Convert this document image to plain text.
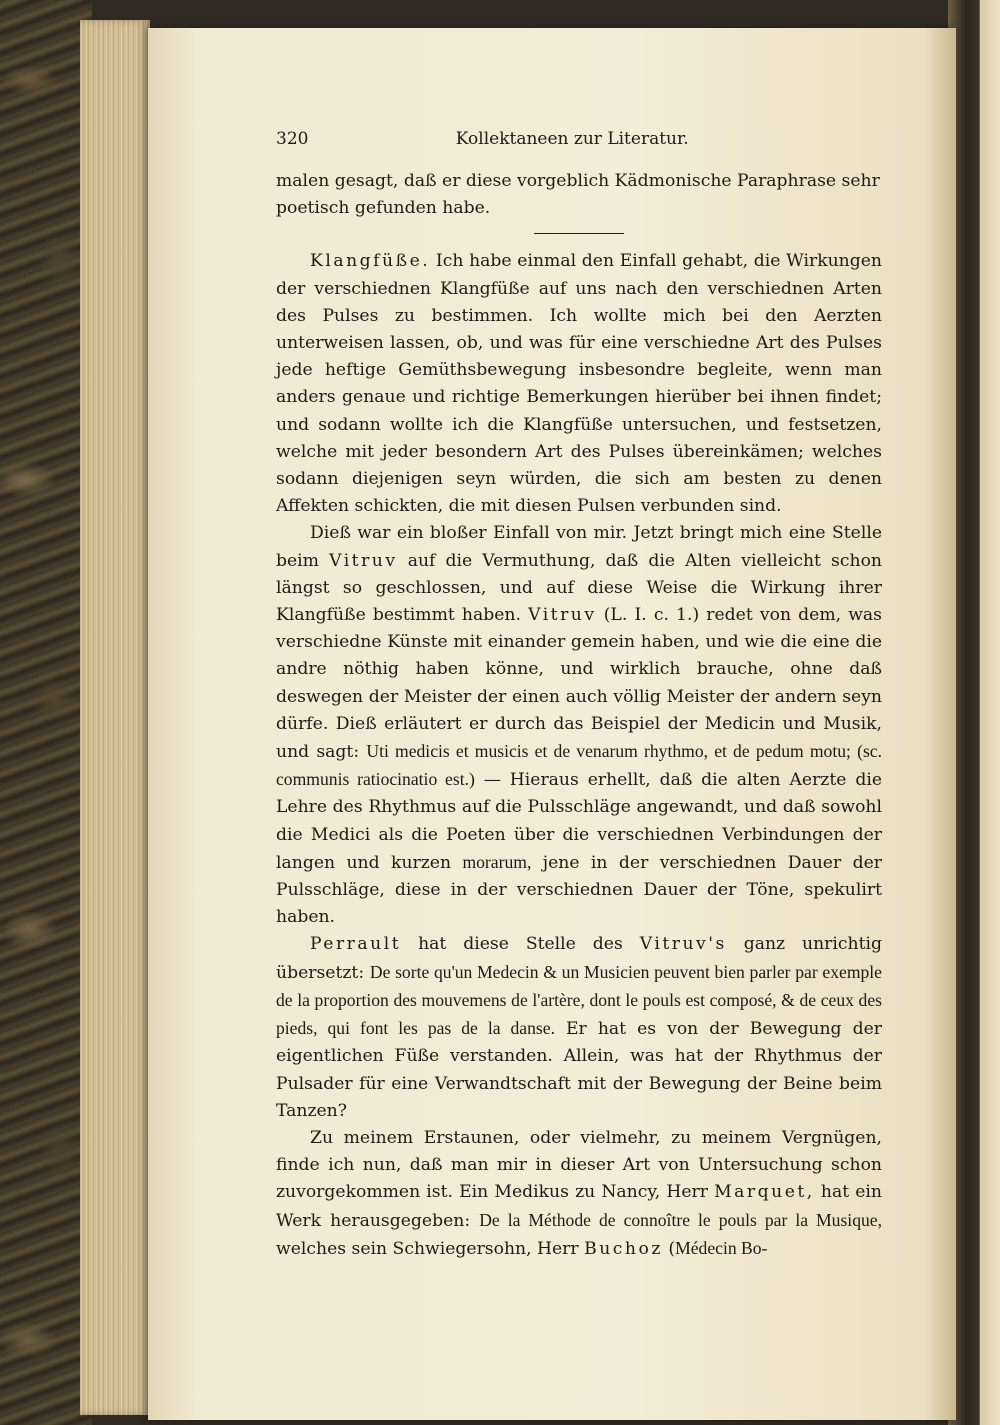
320	Kollektaneen zur Literatur.

malen gesagt, daß er diese vorgeblich Kädmonische Paraphrase sehr poetisch gefunden habe.

Klangfüße. Ich habe einmal den Einfall gehabt, die Wirkungen der verschiednen Klangfüße auf uns nach den verschiednen Arten des Pulses zu bestimmen. Ich wollte mich bei den Aerzten unterweisen lassen, ob, und was für eine verschiedne Art des Pulses jede heftige Gemüthsbewegung insbesondre begleite, wenn man anders genaue und richtige Bemerkungen hierüber bei ihnen findet; und sodann wollte ich die Klangfüße untersuchen, und festsetzen, welche mit jeder besondern Art des Pulses übereinkämen; welches sodann diejenigen seyn würden, die sich am besten zu denen Affekten schickten, die mit diesen Pulsen verbunden sind.

Dieß war ein bloßer Einfall von mir. Jetzt bringt mich eine Stelle beim Vitruv auf die Vermuthung, daß die Alten vielleicht schon längst so geschlossen, und auf diese Weise die Wirkung ihrer Klangfüße bestimmt haben. Vitruv (L. I. c. 1.) redet von dem, was verschiedne Künste mit einander gemein haben, und wie die eine die andre nöthig haben könne, und wirklich brauche, ohne daß deswegen der Meister der einen auch völlig Meister der andern seyn dürfe. Dieß erläutert er durch das Beispiel der Medicin und Musik, und sagt: Uti medicis et musicis et de venarum rhythmo, et de pedum motu; (sc. communis ratiocinatio est.) — Hieraus erhellt, daß die alten Aerzte die Lehre des Rhythmus auf die Pulsschläge angewandt, und daß sowohl die Medici als die Poeten über die verschiednen Verbindungen der langen und kurzen morarum, jene in der verschiednen Dauer der Pulsschläge, diese in der verschiednen Dauer der Töne, spekulirt haben.

Perrault hat diese Stelle des Vitruv's ganz unrichtig übersetzt: De sorte qu'un Medecin & un Musicien peuvent bien parler par exemple de la proportion des mouvemens de l'artère, dont le pouls est composé, & de ceux des pieds, qui font les pas de la danse. Er hat es von der Bewegung der eigentlichen Füße verstanden. Allein, was hat der Rhythmus der Pulsader für eine Verwandtschaft mit der Bewegung der Beine beim Tanzen?

Zu meinem Erstaunen, oder vielmehr, zu meinem Vergnügen, finde ich nun, daß man mir in dieser Art von Untersuchung schon zuvorgekommen ist. Ein Medikus zu Nancy, Herr Marquet, hat ein Werk herausgegeben: De la Méthode de connoître le pouls par la Musique, welches sein Schwiegersohn, Herr Buchoz (Médecin Bo-
